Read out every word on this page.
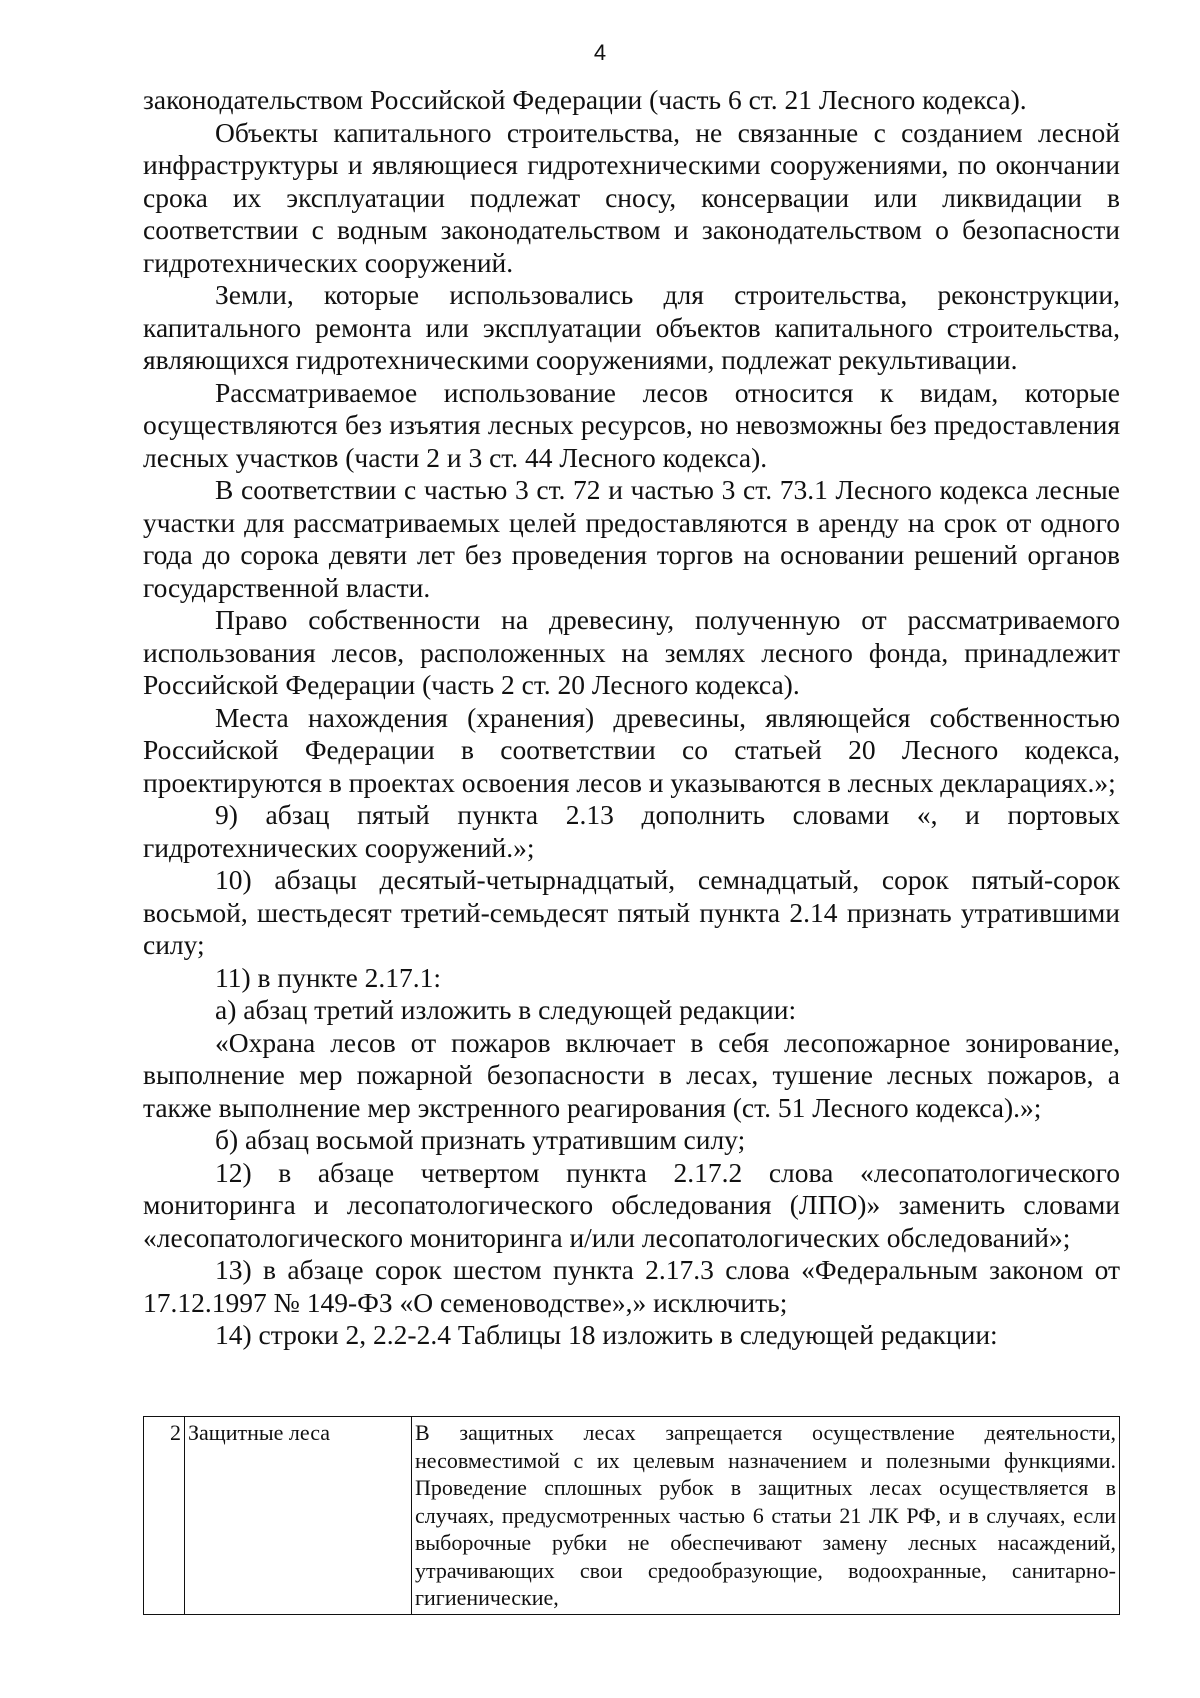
4

законодательством Российской Федерации (часть 6 ст. 21 Лесного кодекса).

Объекты капитального строительства, не связанные с созданием лесной инфраструктуры и являющиеся гидротехническими сооружениями, по окончании срока их эксплуатации подлежат сносу, консервации или ликвидации в соответствии с водным законодательством и законодательством о безопасности гидротехнических сооружений.

Земли, которые использовались для строительства, реконструкции, капитального ремонта или эксплуатации объектов капитального строительства, являющихся гидротехническими сооружениями, подлежат рекультивации.

Рассматриваемое использование лесов относится к видам, которые осуществляются без изъятия лесных ресурсов, но невозможны без предоставления лесных участков (части 2 и 3 ст. 44 Лесного кодекса).

В соответствии с частью 3 ст. 72 и частью 3 ст. 73.1 Лесного кодекса лесные участки для рассматриваемых целей предоставляются в аренду на срок от одного года до сорока девяти лет без проведения торгов на основании решений органов государственной власти.

Право собственности на древесину, полученную от рассматриваемого использования лесов, расположенных на землях лесного фонда, принадлежит Российской Федерации (часть 2 ст. 20 Лесного кодекса).

Места нахождения (хранения) древесины, являющейся собственностью Российской Федерации в соответствии со статьей 20 Лесного кодекса, проектируются в проектах освоения лесов и указываются в лесных декларациях.»;

9) абзац пятый пункта 2.13 дополнить словами «, и портовых гидротехнических сооружений.»;

10) абзацы десятый-четырнадцатый, семнадцатый, сорок пятый-сорок восьмой, шестьдесят третий-семьдесят пятый пункта 2.14 признать утратившими силу;

11) в пункте 2.17.1:

а) абзац третий изложить в следующей редакции:

«Охрана лесов от пожаров включает в себя лесопожарное зонирование, выполнение мер пожарной безопасности в лесах, тушение лесных пожаров, а также выполнение мер экстренного реагирования (ст. 51 Лесного кодекса).»;

б) абзац восьмой признать утратившим силу;

12) в абзаце четвертом пункта 2.17.2 слова «лесопатологического мониторинга и лесопатологического обследования (ЛПО)» заменить словами «лесопатологического мониторинга и/или лесопатологических обследований»;

13) в абзаце сорок шестом пункта 2.17.3 слова «Федеральным законом от 17.12.1997 № 149-ФЗ «О семеноводстве»,» исключить;

14) строки 2, 2.2-2.4 Таблицы 18 изложить в следующей редакции:

2	Защитные леса	В защитных лесах запрещается осуществление деятельности, несовместимой с их целевым назначением и полезными функциями. Проведение сплошных рубок в защитных лесах осуществляется в случаях, предусмотренных частью 6 статьи 21 ЛК РФ, и в случаях, если выборочные рубки не обеспечивают замену лесных насаждений, утрачивающих свои средообразующие, водоохранные, санитарно-гигиенические,
